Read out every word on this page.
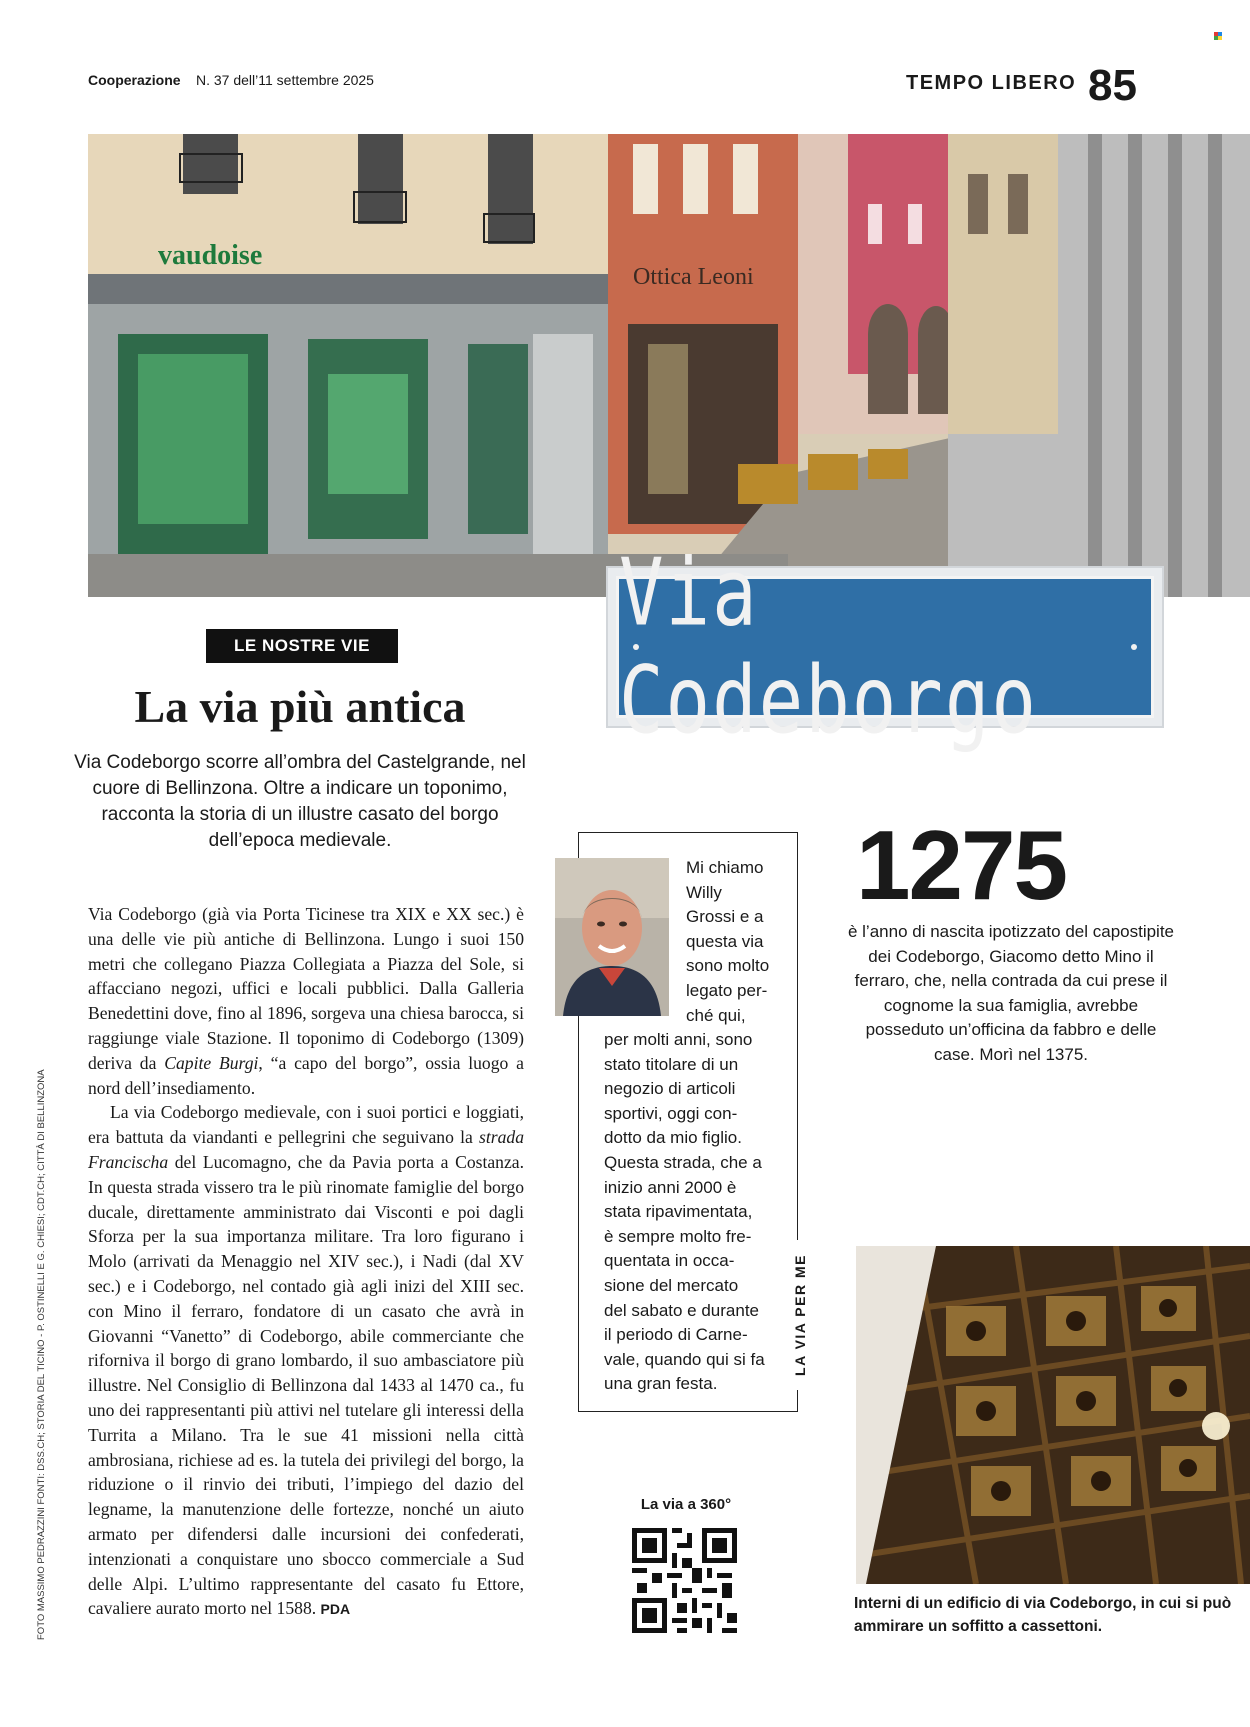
Cooperazione N. 37 dell’11 settembre 2025	TEMPO LIBERO 85
vaudoise
Ottica Leoni
Via Codeborgo
LE NOSTRE VIE
La via più antica
Via Codeborgo scorre all’ombra del Castelgrande, nel cuore di Bellinzona. Oltre a indicare un toponimo, racconta la storia di un illustre casato del borgo dell’epoca medievale.

Via Codeborgo (già via Porta Ticinese tra XIX e XX sec.) è una delle vie più antiche di Bellinzona. Lungo i suoi 150 metri che collegano Piazza Collegiata a Piazza del Sole, si affacciano negozi, uffici e locali pubblici. Dalla Galleria Benedettini dove, fino al 1896, sorgeva una chiesa barocca, si raggiunge viale Stazione. Il toponimo di Codeborgo (1309) deriva da Capite Burgi, “a capo del borgo”, ossia luogo a nord dell’insediamento.

La via Codeborgo medievale, con i suoi portici e loggiati, era battuta da viandanti e pellegrini che seguivano la strada Francischa del Lucomagno, che da Pavia porta a Costanza. In questa strada vissero tra le più rinomate famiglie del borgo ducale, direttamente amministrato dai Visconti e poi dagli Sforza per la sua importanza militare. Tra loro figurano i Molo (arrivati da Menaggio nel XIV sec.), i Nadi (dal XV sec.) e i Codeborgo, nel contado già agli inizi del XIII sec. con Mino il ferraro, fondatore di un casato che avrà in Giovanni “Vanetto” di Codeborgo, abile commerciante che riforniva il borgo di grano lombardo, il suo ambasciatore più illustre. Nel Consiglio di Bellinzona dal 1433 al 1470 ca., fu uno dei rappresentanti più attivi nel tutelare gli interessi della Turrita a Milano. Tra le sue 41 missioni nella città ambrosiana, richiese ad es. la tutela dei privilegi del borgo, la riduzione o il rinvio dei tributi, l’impiego del dazio del legname, la manutenzione delle fortezze, nonché un aiuto armato per difendersi dalle incursioni dei confederati, intenzionati a conquistare uno sbocco commerciale a Sud delle Alpi. L’ultimo rappresentante del casato fu Ettore, cavaliere aurato morto nel 1588. PDA

FOTO MASSIMO PEDRAZZINI FONTI: DSS.CH; STORIA DEL TICINO - P. OSTINELLI E G. CHIESI; CDT.CH; CITTÀ DI BELLINZONA
Mi chiamo
Willy
Grossi e a
questa via
sono molto
legato per-
ché qui,
per molti anni, sono
stato titolare di un
negozio di articoli
sportivi, oggi con-
dotto da mio figlio.
Questa strada, che a
inizio anni 2000 è
stata ripavimentata,
è sempre molto fre-
quentata in occa-
sione del mercato
del sabato e durante
il periodo di Carne-
vale, quando qui si fa
una gran festa.
LA VIA PER ME
La via a 360°
1275
è l’anno di nascita ipotizzato del capostipite dei Codeborgo, Giacomo detto Mino il ferraro, che, nella contrada da cui prese il cognome la sua famiglia, avrebbe posseduto un’officina da fabbro e delle case. Morì nel 1375.
Interni di un edificio di via Codeborgo, in cui si può ammirare un soffitto a cassettoni.
